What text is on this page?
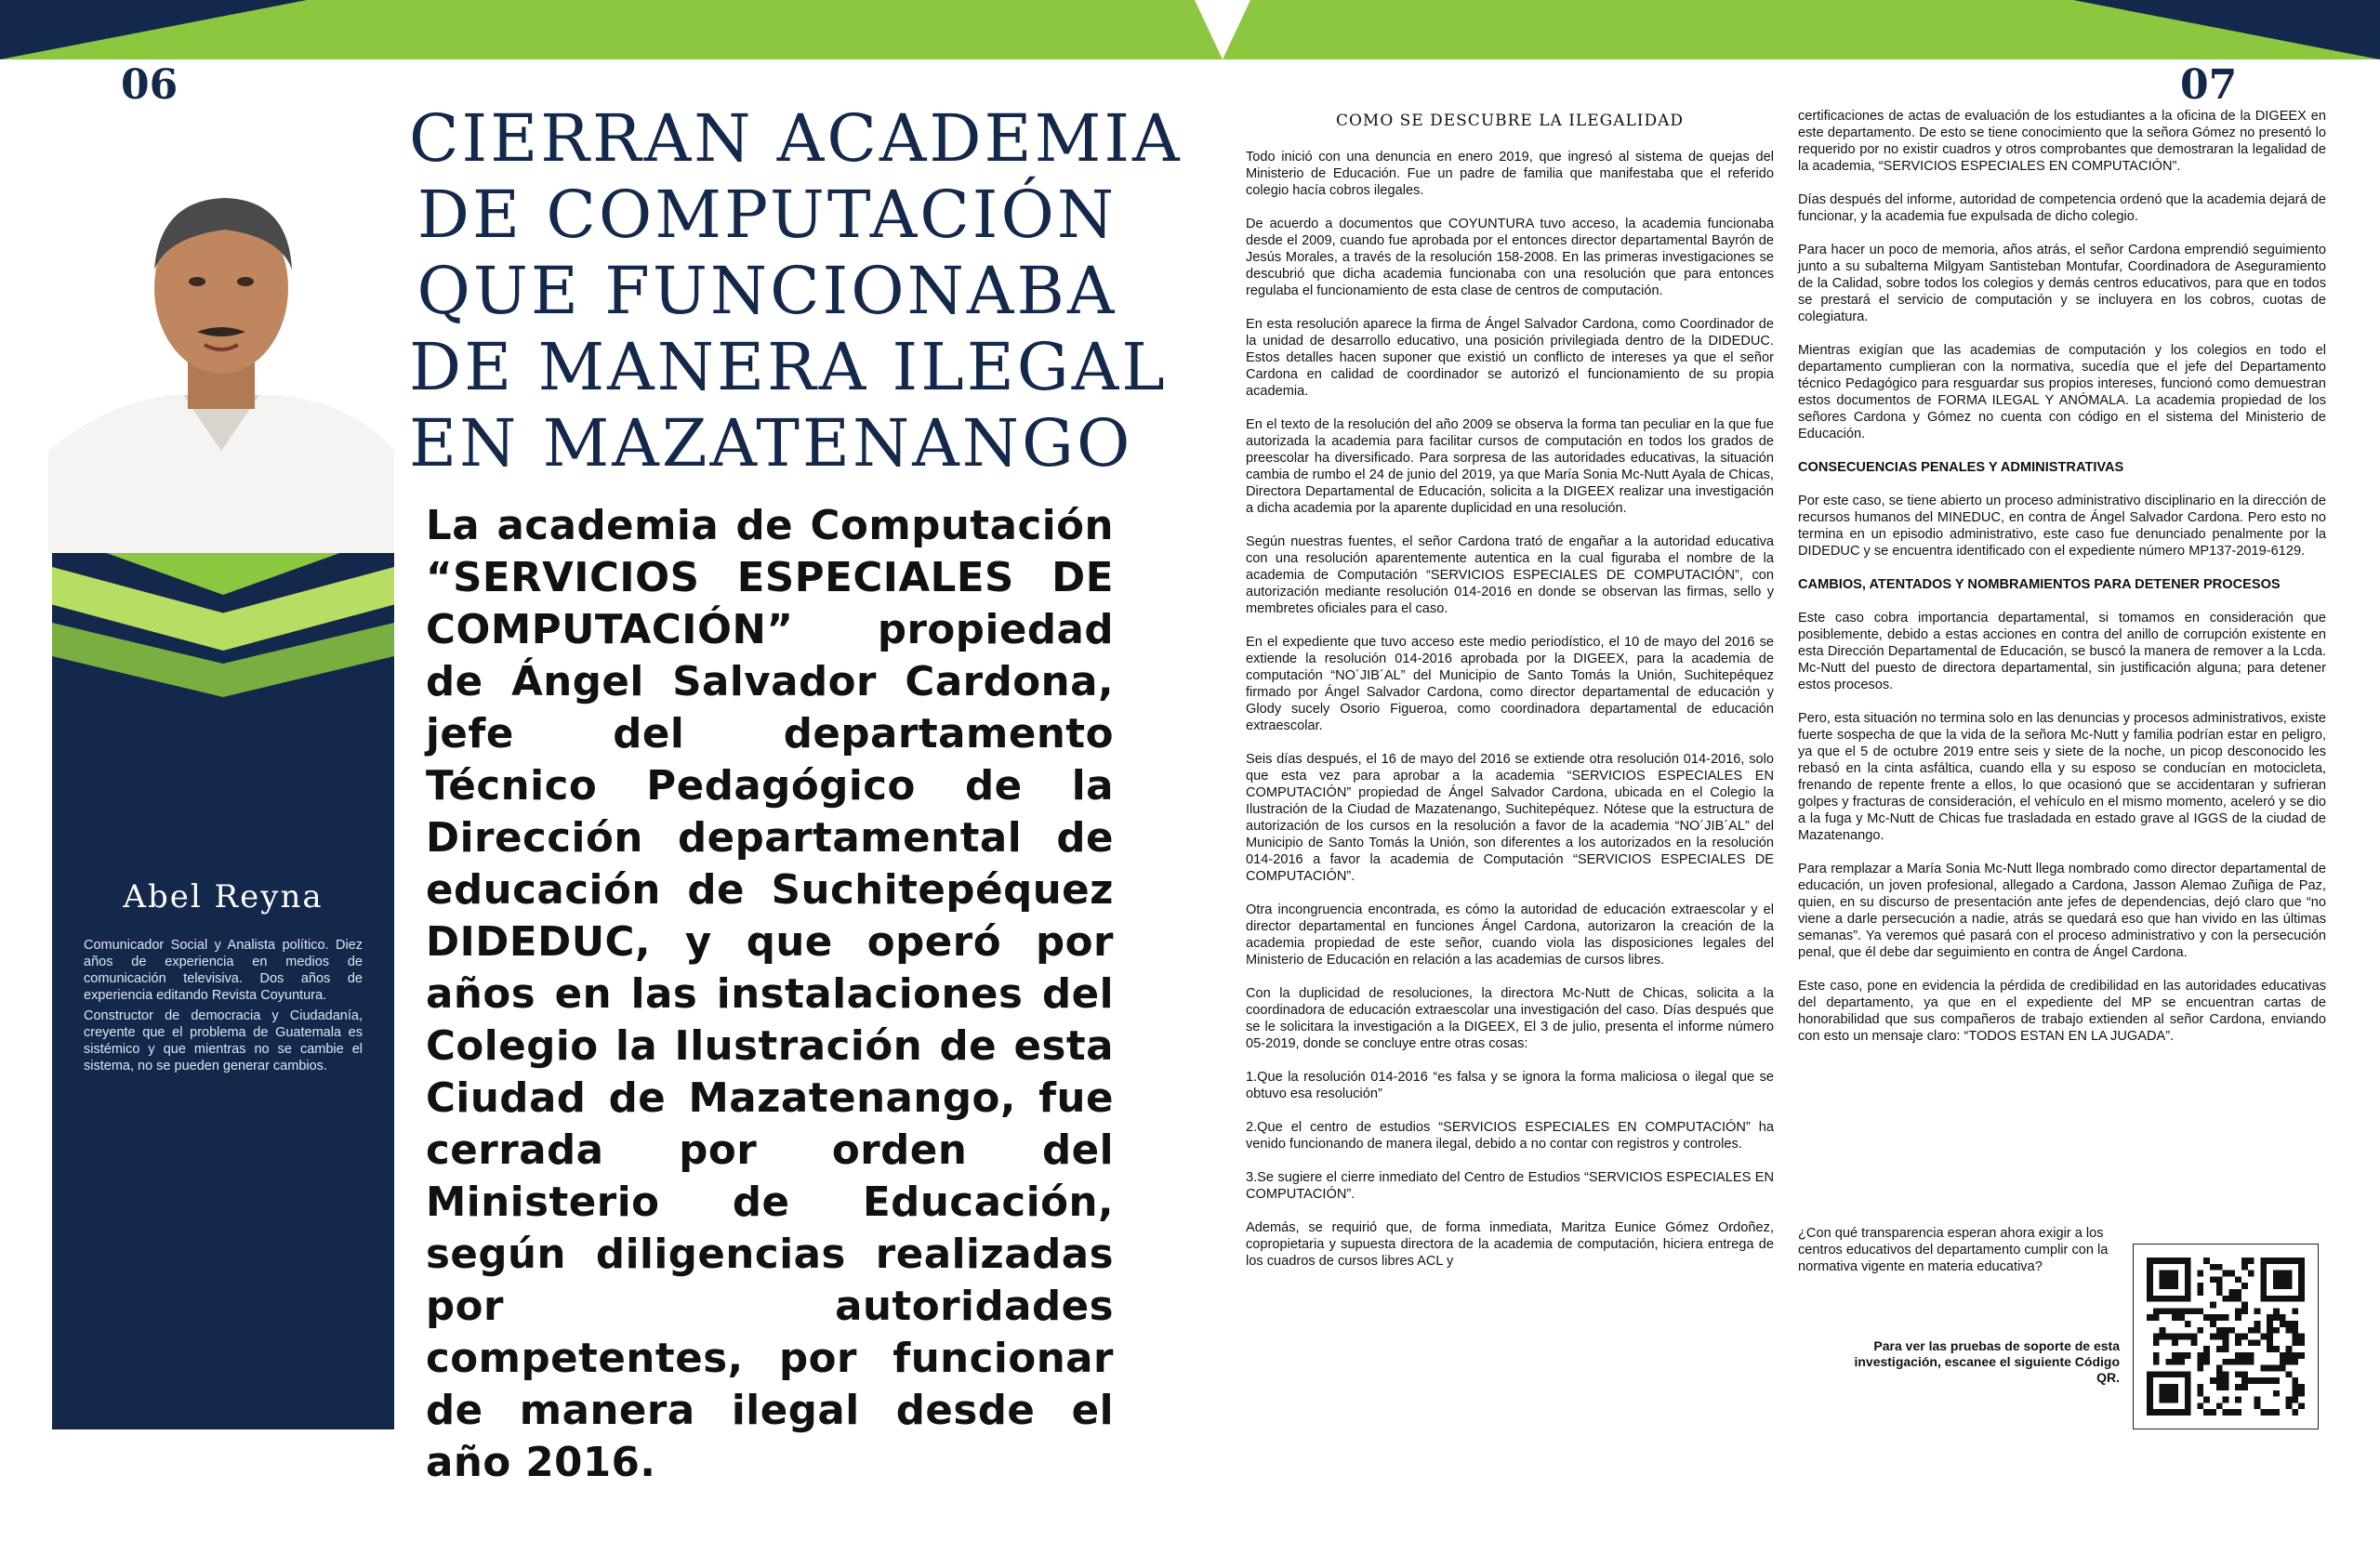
06	07
Abel Reyna

Comunicador Social y Analista político. Diez años de experiencia en medios de comunicación televisiva. Dos años de experiencia editando Revista Coyuntura.

Constructor de democracia y Ciudadanía, creyente que el problema de Guatemala es sistémico y que mientras no se cambie el sistema, no se pueden generar cambios.

CIERRAN ACADEMIA
DE COMPUTACIÓN
QUE FUNCIONABA
DE MANERA ILEGAL
EN MAZATENANGO
La academia de Computación “SERVICIOS ESPECIALES DE COMPUTACIÓN” propiedad de Ángel Salvador Cardona, jefe del departamento Técnico Pedagógico de la Dirección departamental de educación de Suchitepéquez DIDEDUC, y que operó por años en las instalaciones del Colegio la Ilustración de esta Ciudad de Mazatenango, fue cerrada por orden del Ministerio de Educación, según diligencias realizadas por autoridades competentes, por funcionar de manera ilegal desde el año 2016.
COMO SE DESCUBRE LA ILEGALIDAD

Todo inició con una denuncia en enero 2019, que ingresó al sistema de quejas del Ministerio de Educación. Fue un padre de familia que manifestaba que el referido colegio hacía cobros ilegales.

De acuerdo a documentos que COYUNTURA tuvo acceso, la academia funcionaba desde el 2009, cuando fue aprobada por el entonces director departamental Bayrón de Jesús Morales, a través de la resolución 158-2008. En las primeras investigaciones se descubrió que dicha academia funcionaba con una resolución que para entonces regulaba el funcionamiento de esta clase de centros de computación.

En esta resolución aparece la firma de Ángel Salvador Cardona, como Coordinador de la unidad de desarrollo educativo, una posición privilegiada dentro de la DIDEDUC. Estos detalles hacen suponer que existió un conflicto de intereses ya que el señor Cardona en calidad de coordinador se autorizó el funcionamiento de su propia academia.

En el texto de la resolución del año 2009 se observa la forma tan peculiar en la que fue autorizada la academia para facilitar cursos de computación en todos los grados de preescolar ha diversificado. Para sorpresa de las autoridades educativas, la situación cambia de rumbo el 24 de junio del 2019, ya que María Sonia Mc-Nutt Ayala de Chicas, Directora Departamental de Educación, solicita a la DIGEEX realizar una investigación a dicha academia por la aparente duplicidad en una resolución.

Según nuestras fuentes, el señor Cardona trató de engañar a la autoridad educativa con una resolución aparentemente autentica en la cual figuraba el nombre de la academia de Computación “SERVICIOS ESPECIALES DE COMPUTACIÓN”, con autorización mediante resolución 014-2016 en donde se observan las firmas, sello y membretes oficiales para el caso.

En el expediente que tuvo acceso este medio periodístico, el 10 de mayo del 2016 se extiende la resolución 014-2016 aprobada por la DIGEEX, para la academia de computación “NO´JIB´AL” del Municipio de Santo Tomás la Unión, Suchitepéquez firmado por Ángel Salvador Cardona, como director departamental de educación y Glody sucely Osorio Figueroa, como coordinadora departamental de educación extraescolar.

Seis días después, el 16 de mayo del 2016 se extiende otra resolución 014-2016, solo que esta vez para aprobar a la academia “SERVICIOS ESPECIALES EN COMPUTACIÓN” propiedad de Ángel Salvador Cardona, ubicada en el Colegio la Ilustración de la Ciudad de Mazatenango, Suchitepéquez. Nótese que la estructura de autorización de los cursos en la resolución a favor de la academia “NO´JIB´AL” del Municipio de Santo Tomás la Unión, son diferentes a los autorizados en la resolución 014-2016 a favor la academia de Computación “SERVICIOS ESPECIALES DE COMPUTACIÓN”.

Otra incongruencia encontrada, es cómo la autoridad de educación extraescolar y el director departamental en funciones Ángel Cardona, autorizaron la creación de la academia propiedad de este señor, cuando viola las disposiciones legales del Ministerio de Educación en relación a las academias de cursos libres.

Con la duplicidad de resoluciones, la directora Mc-Nutt de Chicas, solicita a la coordinadora de educación extraescolar una investigación del caso. Días después que se le solicitara la investigación a la DIGEEX, El 3 de julio, presenta el informe número 05-2019, donde se concluye entre otras cosas:

1.Que la resolución 014-2016 “es falsa y se ignora la forma maliciosa o ilegal que se obtuvo esa resolución”

2.Que el centro de estudios “SERVICIOS ESPECIALES EN COMPUTACIÓN” ha venido funcionando de manera ilegal, debido a no contar con registros y controles.

3.Se sugiere el cierre inmediato del Centro de Estudios “SERVICIOS ESPECIALES EN COMPUTACIÓN”.

Además, se requirió que, de forma inmediata, Maritza Eunice Gómez Ordoñez, copropietaria y supuesta directora de la academia de computación, hiciera entrega de los cuadros de cursos libres ACL y

certificaciones de actas de evaluación de los estudiantes a la oficina de la DIGEEX en este departamento. De esto se tiene conocimiento que la señora Gómez no presentó lo requerido por no existir cuadros y otros comprobantes que demostraran la legalidad de la academia, “SERVICIOS ESPECIALES EN COMPUTACIÓN”.

Días después del informe, autoridad de competencia ordenó que la academia dejará de funcionar, y la academia fue expulsada de dicho colegio.

Para hacer un poco de memoria, años atrás, el señor Cardona emprendió seguimiento junto a su subalterna Milgyam Santisteban Montufar, Coordinadora de Aseguramiento de la Calidad, sobre todos los colegios y demás centros educativos, para que en todos se prestará el servicio de computación y se incluyera en los cobros, cuotas de colegiatura.

Mientras exigían que las academias de computación y los colegios en todo el departamento cumplieran con la normativa, sucedía que el jefe del Departamento técnico Pedagógico para resguardar sus propios intereses, funcionó como demuestran estos documentos de FORMA ILEGAL Y ANÓMALA. La academia propiedad de los señores Cardona y Gómez no cuenta con código en el sistema del Ministerio de Educación.

CONSECUENCIAS PENALES Y ADMINISTRATIVAS

Por este caso, se tiene abierto un proceso administrativo disciplinario en la dirección de recursos humanos del MINEDUC, en contra de Ángel Salvador Cardona. Pero esto no termina en un episodio administrativo, este caso fue denunciado penalmente por la DIDEDUC y se encuentra identificado con el expediente número MP137-2019-6129.

CAMBIOS, ATENTADOS Y NOMBRAMIENTOS PARA DETENER PROCESOS

Este caso cobra importancia departamental, si tomamos en consideración que posiblemente, debido a estas acciones en contra del anillo de corrupción existente en esta Dirección Departamental de Educación, se buscó la manera de remover a la Lcda. Mc-Nutt del puesto de directora departamental, sin justificación alguna; para detener estos procesos.

Pero, esta situación no termina solo en las denuncias y procesos administrativos, existe fuerte sospecha de que la vida de la señora Mc-Nutt y familia podrían estar en peligro, ya que el 5 de octubre 2019 entre seis y siete de la noche, un picop desconocido les rebasó en la cinta asfáltica, cuando ella y su esposo se conducían en motocicleta, frenando de repente frente a ellos, lo que ocasionó que se accidentaran y sufrieran golpes y fracturas de consideración, el vehículo en el mismo momento, aceleró y se dio a la fuga y Mc-Nutt de Chicas fue trasladada en estado grave al IGGS de la ciudad de Mazatenango.

Para remplazar a María Sonia Mc-Nutt llega nombrado como director departamental de educación, un joven profesional, allegado a Cardona, Jasson Alemao Zuñiga de Paz, quien, en su discurso de presentación ante jefes de dependencias, dejó claro que “no viene a darle persecución a nadie, atrás se quedará eso que han vivido en las últimas semanas”. Ya veremos qué pasará con el proceso administrativo y con la persecución penal, que él debe dar seguimiento en contra de Ángel Cardona.

Este caso, pone en evidencia la pérdida de credibilidad en las autoridades educativas del departamento, ya que en el expediente del MP se encuentran cartas de honorabilidad que sus compañeros de trabajo extienden al señor Cardona, enviando con esto un mensaje claro: “TODOS ESTAN EN LA JUGADA”.

¿Con qué transparencia esperan ahora exigir a los centros educativos del departamento cumplir con la normativa vigente en materia educativa?
Para ver las pruebas de soporte de esta investigación, escanee el siguiente Código QR.
